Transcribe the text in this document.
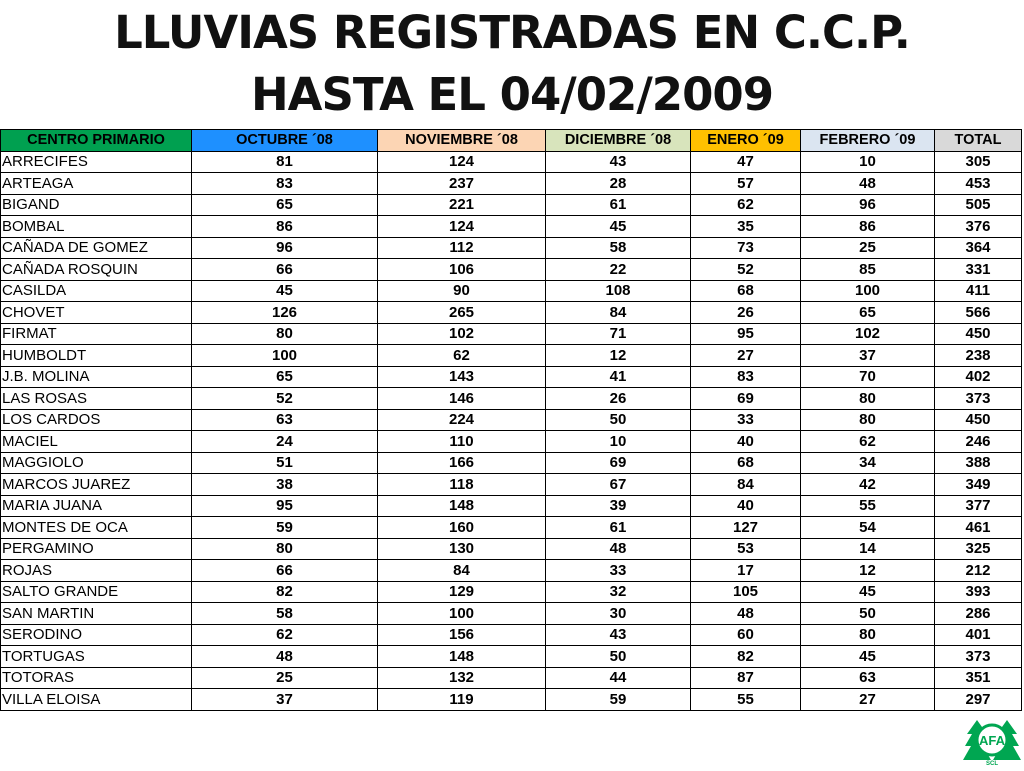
LLUVIAS REGISTRADAS EN C.C.P.
HASTA EL 04/02/2009
CENTRO PRIMARIO	OCTUBRE ´08	NOVIEMBRE ´08	DICIEMBRE ´08	ENERO ´09	FEBRERO ´09	TOTAL
ARRECIFES	81	124	43	47	10	305
ARTEAGA	83	237	28	57	48	453
BIGAND	65	221	61	62	96	505
BOMBAL	86	124	45	35	86	376
CAÑADA DE GOMEZ	96	112	58	73	25	364
CAÑADA ROSQUIN	66	106	22	52	85	331
CASILDA	45	90	108	68	100	411
CHOVET	126	265	84	26	65	566
FIRMAT	80	102	71	95	102	450
HUMBOLDT	100	62	12	27	37	238
J.B. MOLINA	65	143	41	83	70	402
LAS ROSAS	52	146	26	69	80	373
LOS CARDOS	63	224	50	33	80	450
MACIEL	24	110	10	40	62	246
MAGGIOLO	51	166	69	68	34	388
MARCOS JUAREZ	38	118	67	84	42	349
MARIA JUANA	95	148	39	40	55	377
MONTES DE OCA	59	160	61	127	54	461
PERGAMINO	80	130	48	53	14	325
ROJAS	66	84	33	17	12	212
SALTO GRANDE	82	129	32	105	45	393
SAN MARTIN	58	100	30	48	50	286
SERODINO	62	156	43	60	80	401
TORTUGAS	48	148	50	82	45	373
TOTORAS	25	132	44	87	63	351
VILLA ELOISA	37	119	59	55	27	297
AFA
SCL
